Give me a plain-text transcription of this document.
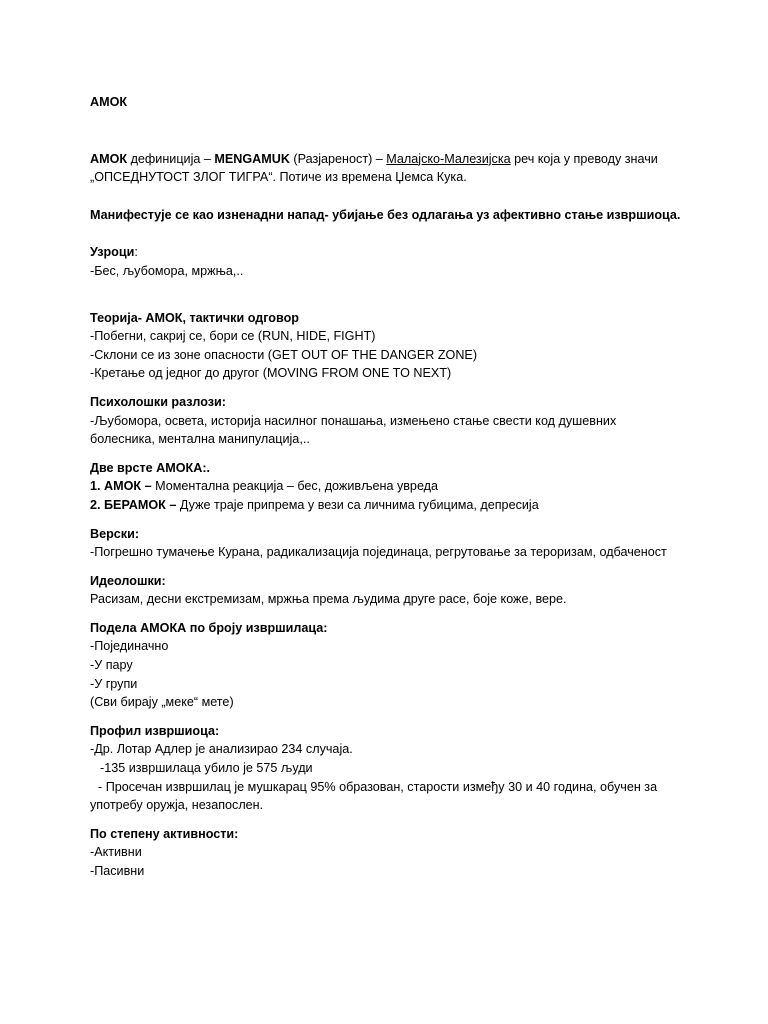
АМОК
АМОК дефиниција – MENGAMUK (Разјареност) – Малајско-Малезијска реч која у преводу значи
„ОПСЕДНУТОСТ ЗЛОГ ТИГРА“. Потиче из времена Џемса Кука.
Манифестује се као изненадни напад- убијање без одлагања уз афективно стање извршиоца.
Узроци:
-Бес, љубомора, мржња,..
Теорија- АМОК, тактички одговор
-Побегни, сакриј се, бори се (RUN, HIDE, FIGHT)
-Склони се из зоне опасности (GET OUT OF THE DANGER ZONE)
-Кретање од једног до другог (MOVING FROM ONE TO NEXT)
Психолошки разлози:
-Љубомора, освета, историја насилног понашања, измењено стање свести код душевних
болесника, ментална манипулација,..
Две врсте АМОКА:.
1. АМОК – Моментална реакција – бес, доживљена увреда
2. БЕРАМОК – Дуже траје припрема у вези са личнима губицима, депресија
Верски:
-Погрешно тумачење Курана, радикализација појединаца, регрутовање за тероризам, одбаченост
Идеолошки:
Расизам, десни екстремизам, мржња према људима друге расе, боје коже, вере.
Подела АМОКА по броју извршилаца:
-Појединачно
-У пару
-У групи
(Сви бирају „меке“ мете)
Профил извршиоца:
-Др. Лотар Адлер је анализирао 234 случаја.
-135 извршилаца убило је 575 људи
- Просечан извршилац је мушкарац 95% образован, старости између 30 и 40 година, обучен за
употребу оружја, незапослен.
По степену активности:
-Активни
-Пасивни
